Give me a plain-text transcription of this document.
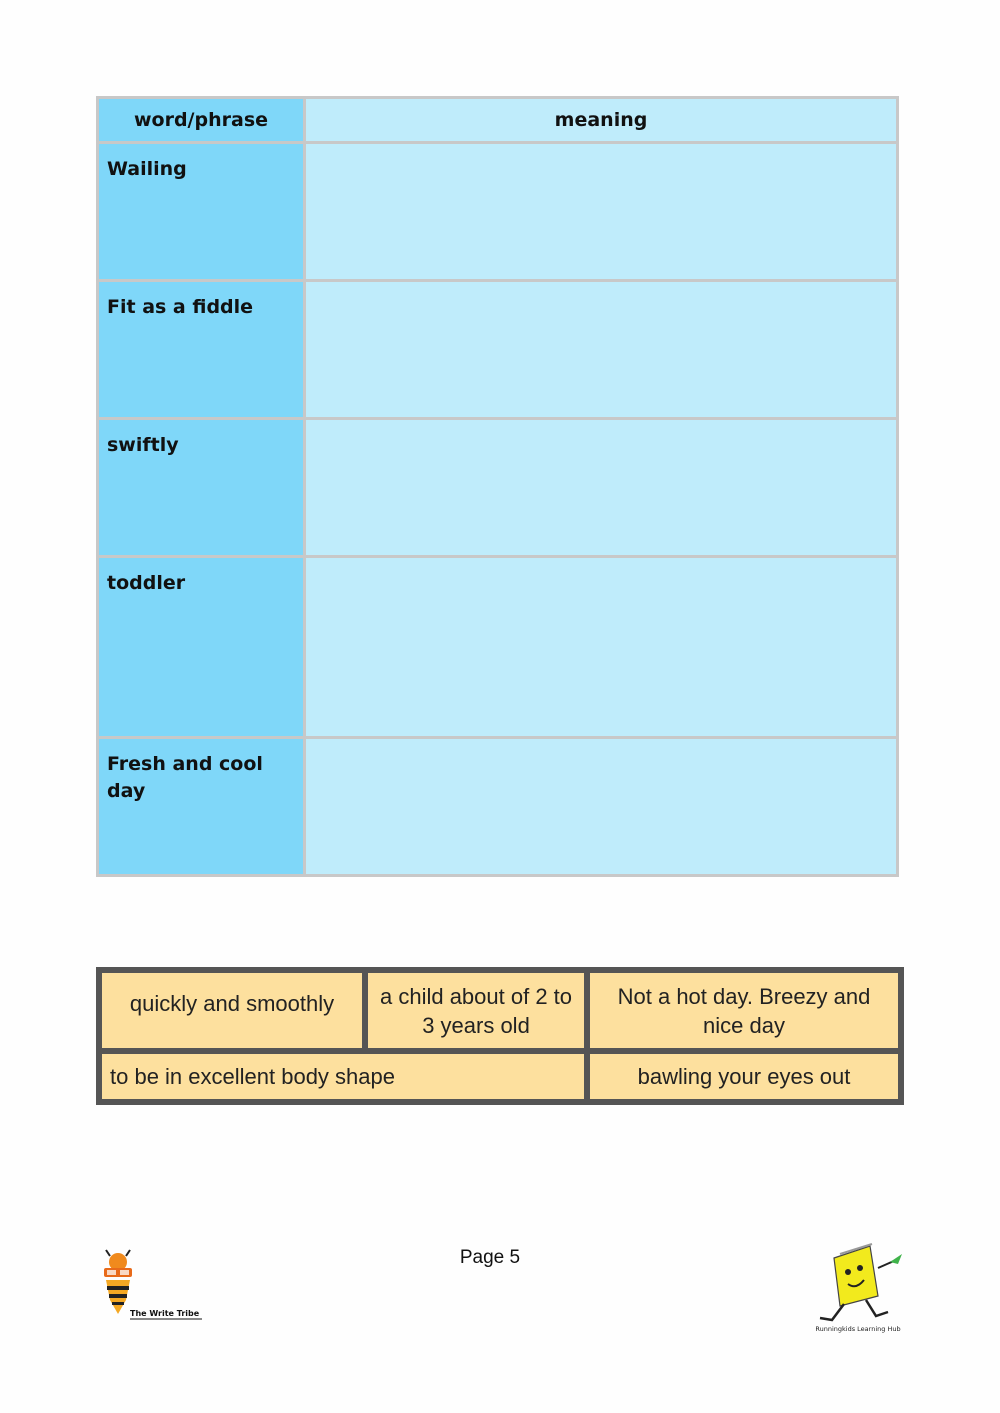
word/phrase	meaning
Wailing	
Fit as a fiddle	
swiftly	
toddler	
Fresh and cool day	
quickly and smoothly	a child about of 2 to 3 years old	Not a hot day. Breezy and nice day
to be in excellent body shape		bawling your eyes out
Page 5
The Write Tribe
Runningkids Learning Hub
